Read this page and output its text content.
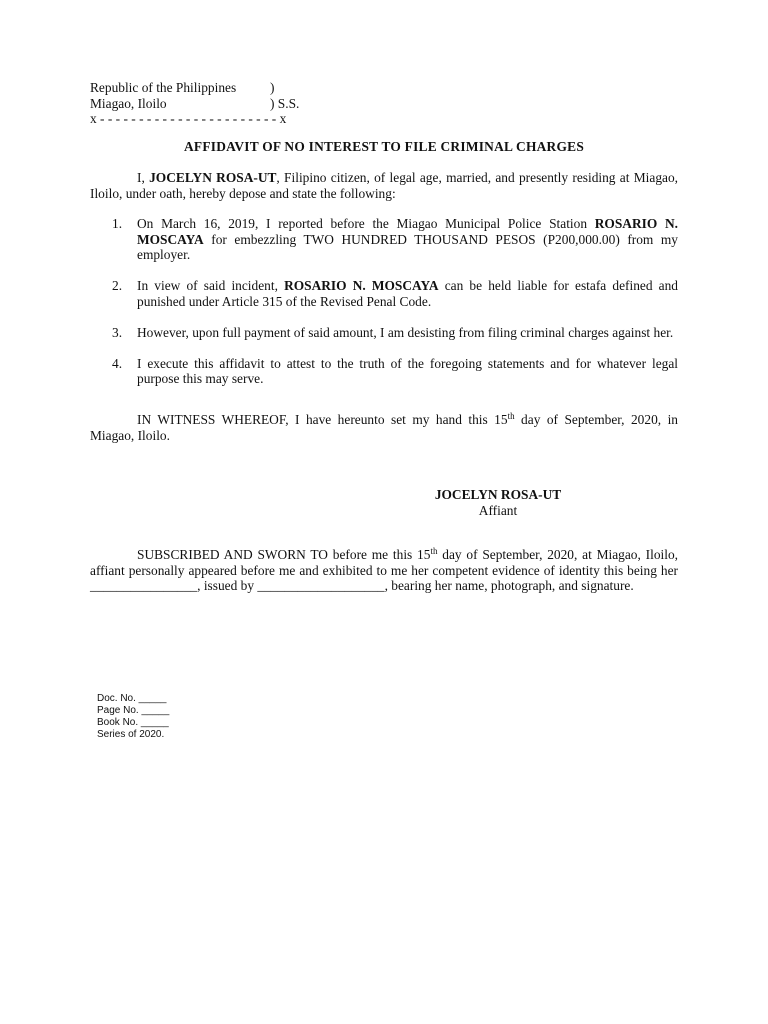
Republic of the Philippines	)
Miagao, Iloilo	) S.S.
x - - - - - - - - - - - - - - - - - - - - - - - x
AFFIDAVIT OF NO INTEREST TO FILE CRIMINAL CHARGES
I, JOCELYN ROSA-UT, Filipino citizen, of legal age, married, and presently residing at Miagao, Iloilo, under oath, hereby depose and state the following:
1. On March 16, 2019, I reported before the Miagao Municipal Police Station ROSARIO N. MOSCAYA for embezzling TWO HUNDRED THOUSAND PESOS (P200,000.00) from my employer.
2. In view of said incident, ROSARIO N. MOSCAYA can be held liable for estafa defined and punished under Article 315 of the Revised Penal Code.
3. However, upon full payment of said amount, I am desisting from filing criminal charges against her.
4. I execute this affidavit to attest to the truth of the foregoing statements and for whatever legal purpose this may serve.
IN WITNESS WHEREOF, I have hereunto set my hand this 15th day of September, 2020, in Miagao, Iloilo.
JOCELYN ROSA-UT
Affiant
SUBSCRIBED AND SWORN TO before me this 15th day of September, 2020, at Miagao, Iloilo, affiant personally appeared before me and exhibited to me her competent evidence of identity this being her ________________, issued by ___________________, bearing her name, photograph, and signature.
Doc. No. _____
Page No. _____
Book No. _____
Series of 2020.
